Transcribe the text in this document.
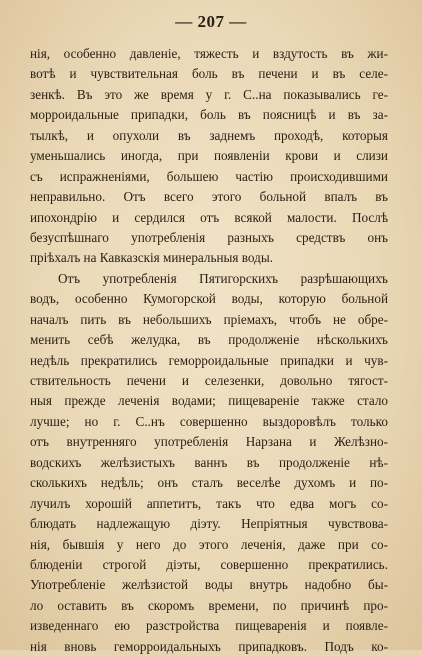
— 207 —
нія, особенно давленіе, тяжесть и вздутость въ жи-
вотѣ и чувствительная боль въ печени и въ селе-
зенкѣ. Въ это же время у г. С..на показывались ге-
морроидальные припадки, боль въ поясницѣ и въ за-
тылкѣ, и опухоли въ заднемъ проходѣ, которыя
уменьшались иногда, при появленіи крови и слизи
съ испражненіями, большею частію происходившими
неправильно. Отъ всего этого больной впалъ въ
ипохондрію и сердился отъ всякой малости. Послѣ
безуспѣшнаго употребленія разныхъ средствъ онъ
пріѣхалъ на Кавказскія минеральныя воды.
Отъ употребленія Пятигорскихъ разрѣшающихъ
водъ, особенно Кумогорской воды, которую больной
началъ пить въ небольшихъ пріемахъ, чтобъ не обре-
менить себѣ желудка, въ продолженіе нѣсколькихъ
недѣль прекратились геморроидальные припадки и чув-
ствительность печени и селезенки, довольно тягост-
ныя прежде леченія водами; пищевареніе также стало
лучше; но г. С..нъ совершенно выздоровѣлъ только
отъ внутренняго употребленія Нарзана и Желѣзно-
водскихъ желѣзистыхъ ваннъ въ продолженіе нѣ-
сколькихъ недѣль; онъ сталъ веселѣе духомъ и по-
лучилъ хорошій аппетитъ, такъ что едва могъ со-
блюдать надлежащую діэту. Непріятныя чувствова-
нія, бывшія у него до этого леченія, даже при со-
блюденіи строгой діэты, совершенно прекратились.
Употребленіе желѣзистой воды внутрь надобно бы-
ло оставить въ скоромъ времени, по причинѣ про-
изведеннаго ею разстройства пищеваренія и появле-
нія вновь геморроидальныхъ припадковъ. Подъ ко-
